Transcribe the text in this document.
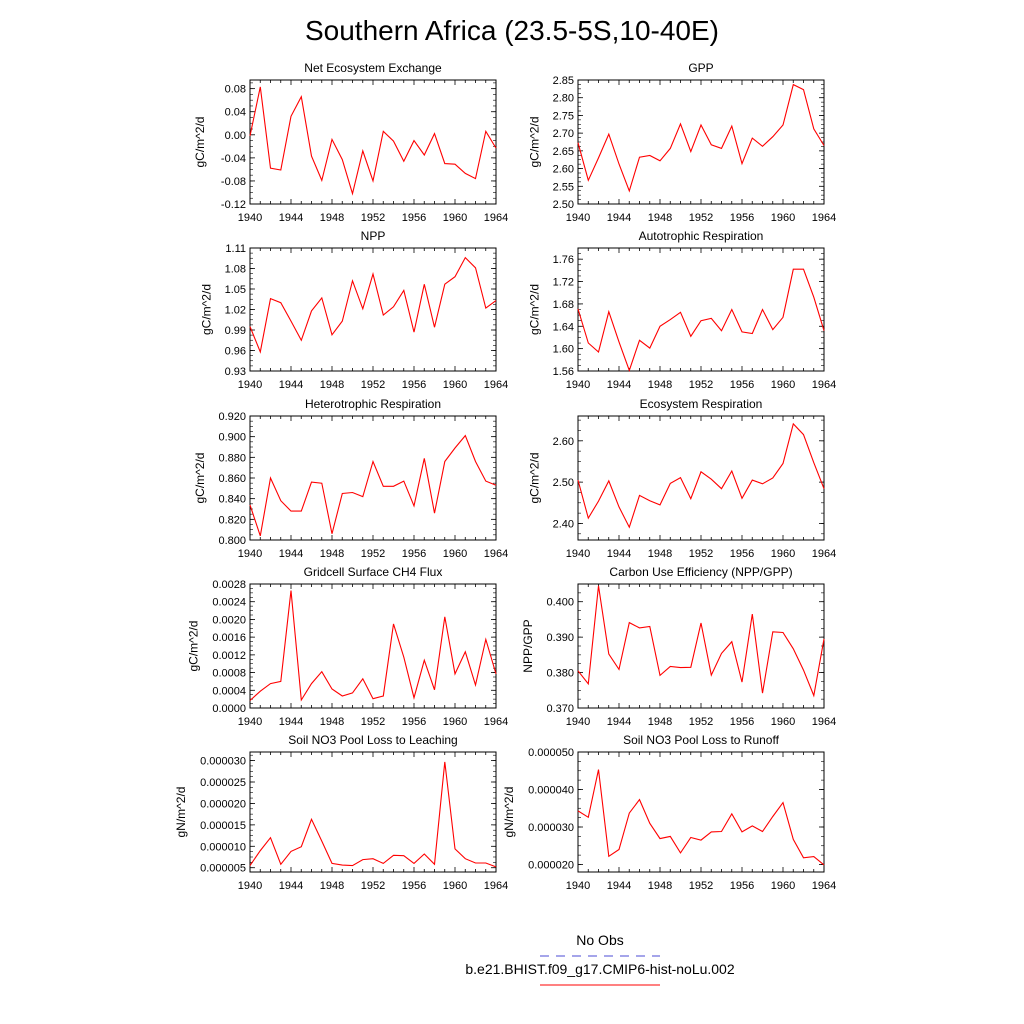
Southern Africa (23.5-5S,10-40E)
Net Ecosystem Exchange
1940 1944 1948 1952 1956 1960 1964
-0.12
-0.08
-0.04
0.00
0.04
0.08
gC/m^2/d
GPP
1940 1944 1948 1952 1956 1960 1964
2.50
2.55
2.60
2.65
2.70
2.75
2.80
2.85
gC/m^2/d
NPP
1940 1944 1948 1952 1956 1960 1964
0.93
0.96
0.99
1.02
1.05
1.08
1.11
gC/m^2/d
Autotrophic Respiration
1940 1944 1948 1952 1956 1960 1964
1.56
1.60
1.64
1.68
1.72
1.76
gC/m^2/d
Heterotrophic Respiration
1940 1944 1948 1952 1956 1960 1964
0.800
0.820
0.840
0.860
0.880
0.900
0.920
gC/m^2/d
Ecosystem Respiration
1940 1944 1948 1952 1956 1960 1964
2.40
2.50
2.60
gC/m^2/d
Gridcell Surface CH4 Flux
1940 1944 1948 1952 1956 1960 1964
0.0000
0.0004
0.0008
0.0012
0.0016
0.0020
0.0024
0.0028
gC/m^2/d
Carbon Use Efficiency (NPP/GPP)
1940 1944 1948 1952 1956 1960 1964
0.370
0.380
0.390
0.400
NPP/GPP
Soil NO3 Pool Loss to Leaching
1940 1944 1948 1952 1956 1960 1964
0.000005
0.000010
0.000015
0.000020
0.000025
0.000030
gN/m^2/d
Soil NO3 Pool Loss to Runoff
1940 1944 1948 1952 1956 1960 1964
0.000020
0.000030
0.000040
0.000050
gN/m^2/d
No Obs
b.e21.BHIST.f09_g17.CMIP6-hist-noLu.002
